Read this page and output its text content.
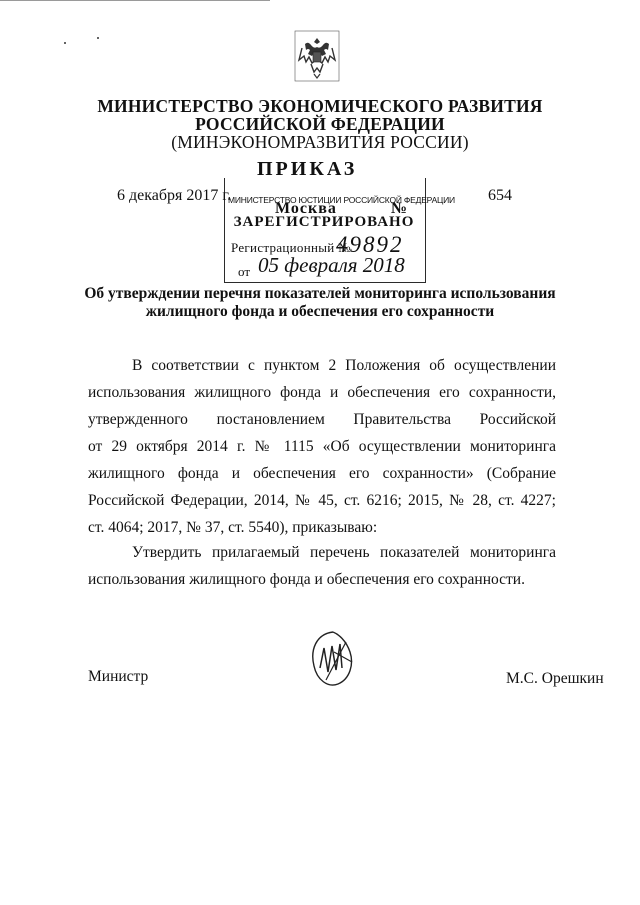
МИНИСТЕРСТВО ЭКОНОМИЧЕСКОГО РАЗВИТИЯ
РОССИЙСКОЙ ФЕДЕРАЦИИ
(МИНЭКОНОМРАЗВИТИЯ РОССИИ)
ПРИКАЗ
6 декабря 2017 г.
Москва	№
654
МИНИСТЕРСТВО ЮСТИЦИИ РОССИЙСКОЙ ФЕДЕРАЦИИ
ЗАРЕГИСТРИРОВАНО
Регистрационный №
49892
от 05 февраля 2018
Об утверждении перечня показателей мониторинга использования
жилищного фонда и обеспечения его сохранности
В соответствии с пунктом 2 Положения об осуществлении
использования жилищного фонда и обеспечения его сохранности,
утвержденного постановлением Правительства Российской
от 29 октября 2014 г. № 1115 «Об осуществлении мониторинга
жилищного фонда и обеспечения его сохранности» (Собрание
Российской Федерации, 2014, № 45, ст. 6216; 2015, № 28, ст. 4227;
ст. 4064; 2017, № 37, ст. 5540), приказываю:
Утвердить прилагаемый перечень показателей мониторинга
использования жилищного фонда и обеспечения его сохранности.
Министр	М.С. Орешкин
